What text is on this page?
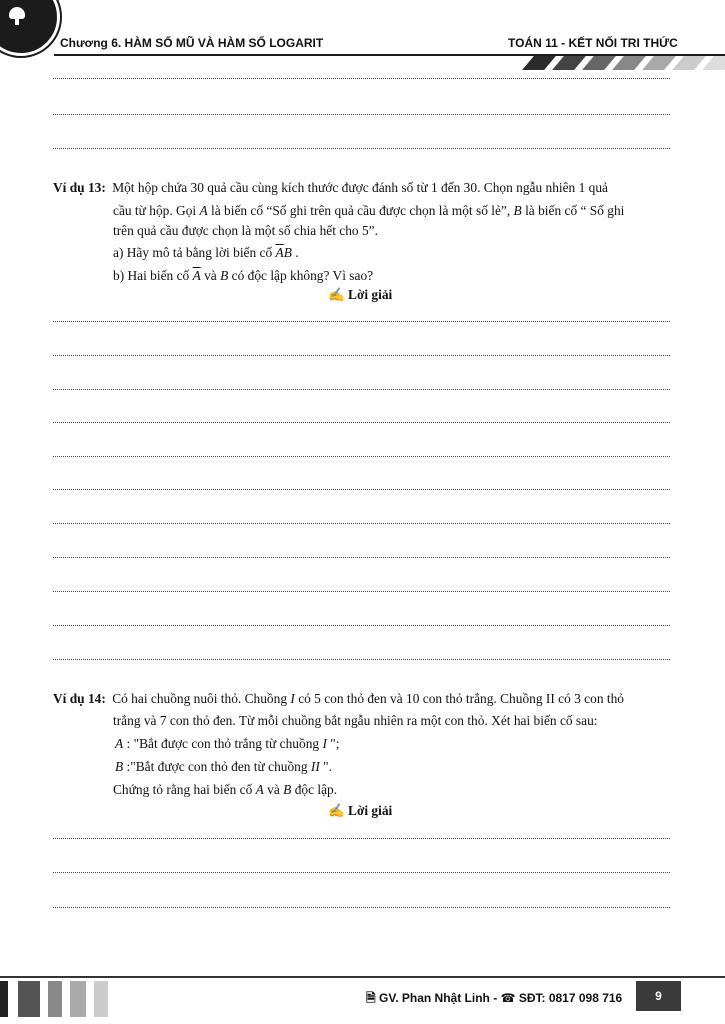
Chương 6. HÀM SỐ MŨ VÀ HÀM SỐ LOGARIT	TOÁN 11 - KẾT NỐI TRI THỨC
Ví dụ 13: Một hộp chứa 30 quả cầu cùng kích thước được đánh số từ 1 đến 30. Chọn ngẫu nhiên 1 quả
cầu từ hộp. Gọi A là biến cố “Số ghi trên quả cầu được chọn là một số lẻ”, B là biến cố “ Số ghi
trên quả cầu được chọn là một số chia hết cho 5”.
a) Hãy mô tả bằng lời biến cố $\overline{A}B$ .
b) Hai biến cố $\overline{A}$ và B có độc lập không? Vì sao?
✍ Lời giải
Ví dụ 14: Có hai chuồng nuôi thỏ. Chuồng I có 5 con thỏ đen và 10 con thỏ trắng. Chuồng II có 3 con thỏ
trắng và 7 con thỏ đen. Từ mỗi chuồng bắt ngẫu nhiên ra một con thỏ. Xét hai biến cố sau:
A : "Bắt được con thỏ trắng từ chuồng I ";
B :"Bắt được con thỏ đen từ chuồng II ".
Chứng tỏ rằng hai biến cố A và B độc lập.
✍ Lời giải
🗎 GV. Phan Nhật Linh - ☎ SĐT: 0817 098 716	9
